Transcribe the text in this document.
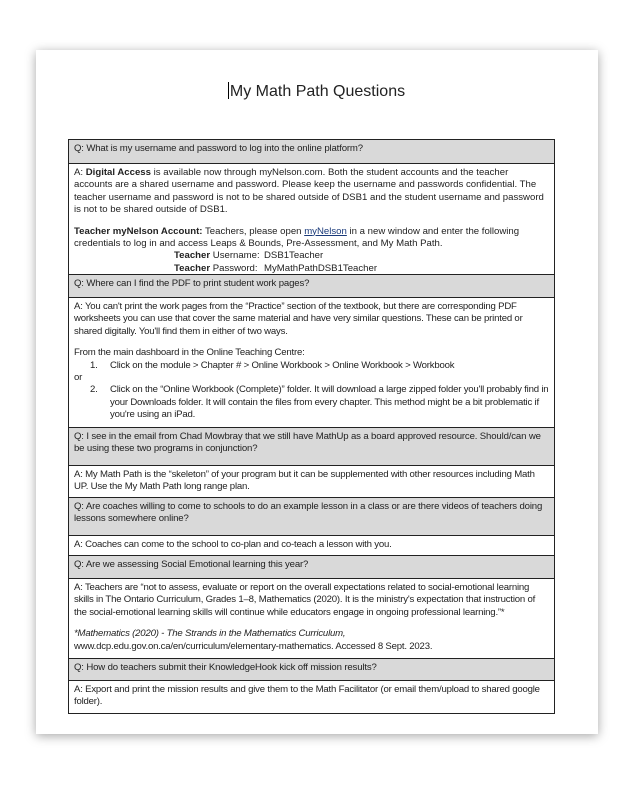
My Math Path Questions
Q: What is my username and password to log into the online platform?

A: Digital Access is available now through myNelson.com. Both the student accounts and the teacher accounts are a shared username and password. Please keep the username and passwords confidential. The teacher username and password is not to be shared outside of DSB1 and the student username and password is not to be shared outside of DSB1.

Teacher myNelson Account: Teachers, please open myNelson in a new window and enter the following credentials to log in and access Leaps & Bounds, Pre-Assessment, and My Math Path.

Teacher Username: DSB1Teacher

Teacher Password: MyMathPathDSB1Teacher

Q: Where can I find the PDF to print student work pages?

A: You can't print the work pages from the “Practice” section of the textbook, but there are corresponding PDF worksheets you can use that cover the same material and have very similar questions. These can be printed or shared digitally. You'll find them in either of two ways.

From the main dashboard in the Online Teaching Centre:

1.	Click on the module > Chapter # > Online Workbook > Online Workbook > Workbook

or

2.	Click on the “Online Workbook (Complete)” folder. It will download a large zipped folder you'll probably find in your Downloads folder. It will contain the files from every chapter. This method might be a bit problematic if you're using an iPad.
Q: I see in the email from Chad Mowbray that we still have MathUp as a board approved resource. Should/can we be using these two programs in conjunction?

A: My Math Path is the “skeleton” of your program but it can be supplemented with other resources including Math UP. Use the My Math Path long range plan.

Q: Are coaches willing to come to schools to do an example lesson in a class or are there videos of teachers doing lessons somewhere online?

A: Coaches can come to the school to co-plan and co-teach a lesson with you.

Q: Are we assessing Social Emotional learning this year?

A: Teachers are “not to assess, evaluate or report on the overall expectations related to social-emotional learning skills in The Ontario Curriculum, Grades 1–8, Mathematics (2020). It is the ministry's expectation that instruction of the social-emotional learning skills will continue while educators engage in ongoing professional learning.”*

*Mathematics (2020) - The Strands in the Mathematics Curriculum,

www.dcp.edu.gov.on.ca/en/curriculum/elementary-mathematics. Accessed 8 Sept. 2023.

Q: How do teachers submit their KnowledgeHook kick off mission results?

A: Export and print the mission results and give them to the Math Facilitator (or email them/upload to shared google folder).
